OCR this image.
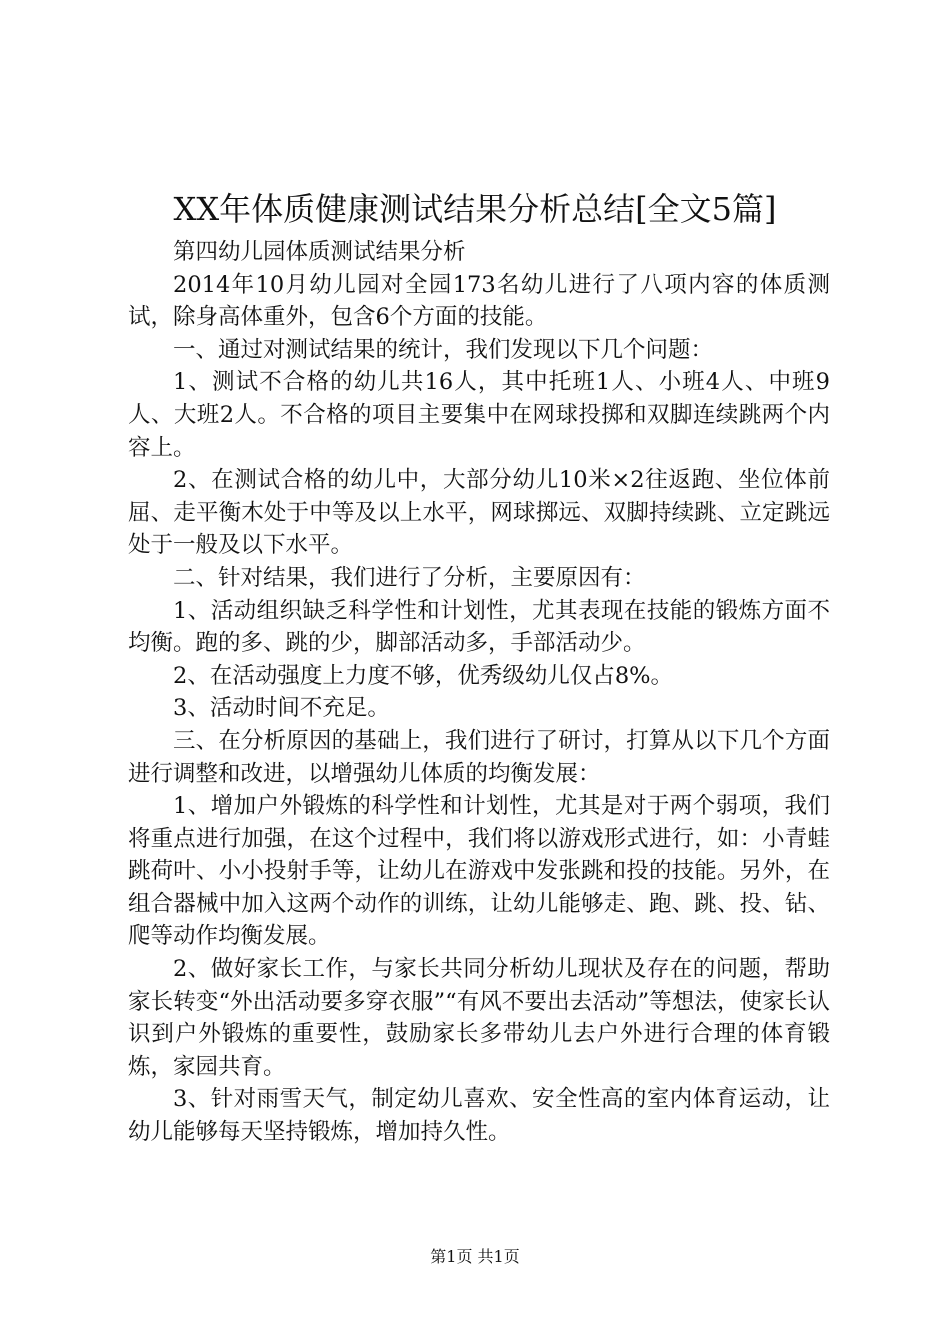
XX年体质健康测试结果分析总结[全文5篇]

第四幼儿园体质测试结果分析

2014年10月幼儿园对全园173名幼儿进行了八项内容的体质测试，除身高体重外，包含6个方面的技能。

一、通过对测试结果的统计，我们发现以下几个问题：

1、测试不合格的幼儿共16人，其中托班1人、小班4人、中班9人、大班2人。不合格的项目主要集中在网球投掷和双脚连续跳两个内容上。

2、在测试合格的幼儿中，大部分幼儿10米×2往返跑、坐位体前屈、走平衡木处于中等及以上水平，网球掷远、双脚持续跳、立定跳远处于一般及以下水平。

二、针对结果，我们进行了分析，主要原因有：

1、活动组织缺乏科学性和计划性，尤其表现在技能的锻炼方面不均衡。跑的多、跳的少，脚部活动多，手部活动少。

2、在活动强度上力度不够，优秀级幼儿仅占8%。

3、活动时间不充足。

三、在分析原因的基础上，我们进行了研讨，打算从以下几个方面进行调整和改进，以增强幼儿体质的均衡发展：

1、增加户外锻炼的科学性和计划性，尤其是对于两个弱项，我们将重点进行加强，在这个过程中，我们将以游戏形式进行，如：小青蛙跳荷叶、小小投射手等，让幼儿在游戏中发张跳和投的技能。另外，在组合器械中加入这两个动作的训练，让幼儿能够走、跑、跳、投、钻、爬等动作均衡发展。

2、做好家长工作，与家长共同分析幼儿现状及存在的问题，帮助家长转变“外出活动要多穿衣服”“有风不要出去活动”等想法，使家长认识到户外锻炼的重要性，鼓励家长多带幼儿去户外进行合理的体育锻炼，家园共育。

3、针对雨雪天气，制定幼儿喜欢、安全性高的室内体育运动，让幼儿能够每天坚持锻炼，增加持久性。

第1页 共1页
